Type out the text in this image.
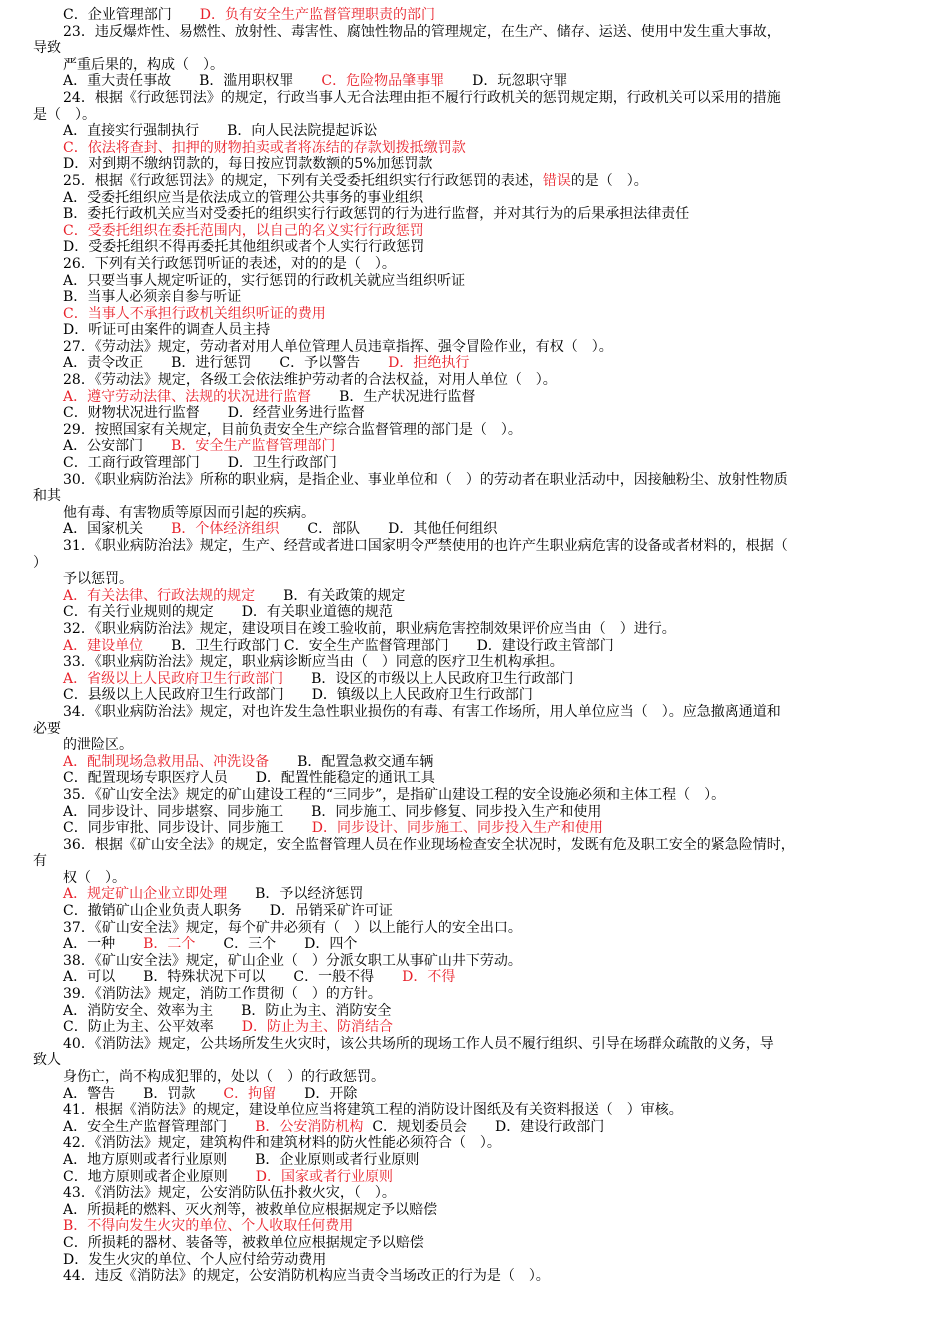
C．企业管理部门　　D．负有安全生产监督管理职责的部门
23．违反爆炸性、易燃性、放射性、毒害性、腐蚀性物品的管理规定，在生产、储存、运送、使用中发生重大事故，
导致
严重后果的，构成（　）。
A．重大责任事故　　B．滥用职权罪　　C．危险物品肇事罪　　D．玩忽职守罪
24．根据《行政惩罚法》的规定，行政当事人无合法理由拒不履行行政机关的惩罚规定期，行政机关可以采用的措施
是（　）。
A．直接实行强制执行　　B．向人民法院提起诉讼
C．依法将查封、扣押的财物拍卖或者将冻结的存款划拨抵缴罚款
D．对到期不缴纳罚款的，每日按应罚款数额的5%加惩罚款
25．根据《行政惩罚法》的规定，下列有关受委托组织实行行政惩罚的表述，错误的是（　）。
A．受委托组织应当是依法成立的管理公共事务的事业组织
B．委托行政机关应当对受委托的组织实行行政惩罚的行为进行监督，并对其行为的后果承担法律责任
C．受委托组织在委托范围内，以自己的名义实行行政惩罚
D．受委托组织不得再委托其他组织或者个人实行行政惩罚
26．下列有关行政惩罚听证的表述，对的的是（　）。
A．只要当事人规定听证的，实行惩罚的行政机关就应当组织听证
B．当事人必须亲自参与听证
C．当事人不承担行政机关组织听证的费用
D．听证可由案件的调查人员主持
27．《劳动法》规定，劳动者对用人单位管理人员违章指挥、强令冒险作业，有权（　）。
A．责令改正　　B．进行惩罚　　C．予以警告　　D．拒绝执行
28．《劳动法》规定，各级工会依法维护劳动者的合法权益，对用人单位（　）。
A．遵守劳动法律、法规的状况进行监督　　B．生产状况进行监督
C．财物状况进行监督　　D．经营业务进行监督
29．按照国家有关规定，目前负责安全生产综合监督管理的部门是（　）。
A．公安部门　　B．安全生产监督管理部门
C．工商行政管理部门　　D．卫生行政部门
30．《职业病防治法》所称的职业病，是指企业、事业单位和（　）的劳动者在职业活动中，因接触粉尘、放射性物质
和其
他有毒、有害物质等原因而引起的疾病。
A．国家机关　　B．个体经济组织　　C．部队　　D．其他任何组织
31．《职业病防治法》规定，生产、经营或者进口国家明令严禁使用的也许产生职业病危害的设备或者材料的，根据（
）
予以惩罚。
A．有关法律、行政法规的规定　　B．有关政策的规定
C．有关行业规则的规定　　D．有关职业道德的规范
32．《职业病防治法》规定，建设项目在竣工验收前，职业病危害控制效果评价应当由（　）进行。
A．建设单位　　B．卫生行政部门 C．安全生产监督管理部门　　D．建设行政主管部门
33．《职业病防治法》规定，职业病诊断应当由（　）同意的医疗卫生机构承担。
A．省级以上人民政府卫生行政部门　　B．设区的市级以上人民政府卫生行政部门
C．县级以上人民政府卫生行政部门　　D．镇级以上人民政府卫生行政部门
34．《职业病防治法》规定，对也许发生急性职业损伤的有毒、有害工作场所，用人单位应当（　）。应急撤离通道和
必要
的泄险区。
A．配制现场急救用品、冲洗设备　　B．配置急救交通车辆
C．配置现场专职医疗人员　　D．配置性能稳定的通讯工具
35．《矿山安全法》规定的矿山建设工程的“三同步”，是指矿山建设工程的安全设施必须和主体工程（　）。
A．同步设计、同步堪察、同步施工　　B．同步施工、同步修复、同步投入生产和使用
C．同步审批、同步设计、同步施工　　D．同步设计、同步施工、同步投入生产和使用
36．根据《矿山安全法》的规定，安全监督管理人员在作业现场检查安全状况时，发既有危及职工安全的紧急险情时，
有
权（　）。
A．规定矿山企业立即处理　　B．予以经济惩罚
C．撤销矿山企业负责人职务　　D．吊销采矿许可证
37．《矿山安全法》规定，每个矿井必须有（　）以上能行人的安全出口。
A．一种　　B．二个　　C．三个　　D．四个
38．《矿山安全法》规定，矿山企业（　）分派女职工从事矿山井下劳动。
A．可以　　B．特殊状况下可以　　C．一般不得　　D．不得
39．《消防法》规定，消防工作贯彻（　）的方针。
A．消防安全、效率为主　　B．防止为主、消防安全
C．防止为主、公平效率　　D．防止为主、防消结合
40．《消防法》规定，公共场所发生火灾时，该公共场所的现场工作人员不履行组织、引导在场群众疏散的义务，导
致人
身伤亡，尚不构成犯罪的，处以（　）的行政惩罚。
A．警告　　B．罚款　　C．拘留　　D．开除
41．根据《消防法》的规定，建设单位应当将建筑工程的消防设计图纸及有关资料报送（　）审核。
A．安全生产监督管理部门　　B．公安消防机构  C．规划委员会　　D．建设行政部门
42．《消防法》规定，建筑构件和建筑材料的防火性能必须符合（　）。
A．地方原则或者行业原则　　B．企业原则或者行业原则
C．地方原则或者企业原则　　D．国家或者行业原则
43．《消防法》规定，公安消防队伍扑救火灾，（　）。
A．所损耗的燃料、灭火剂等，被救单位应根据规定予以赔偿
B．不得向发生火灾的单位、个人收取任何费用
C．所损耗的器材、装备等，被救单位应根据规定予以赔偿
D．发生火灾的单位、个人应付给劳动费用
44．违反《消防法》的规定，公安消防机构应当责令当场改正的行为是（　）。
